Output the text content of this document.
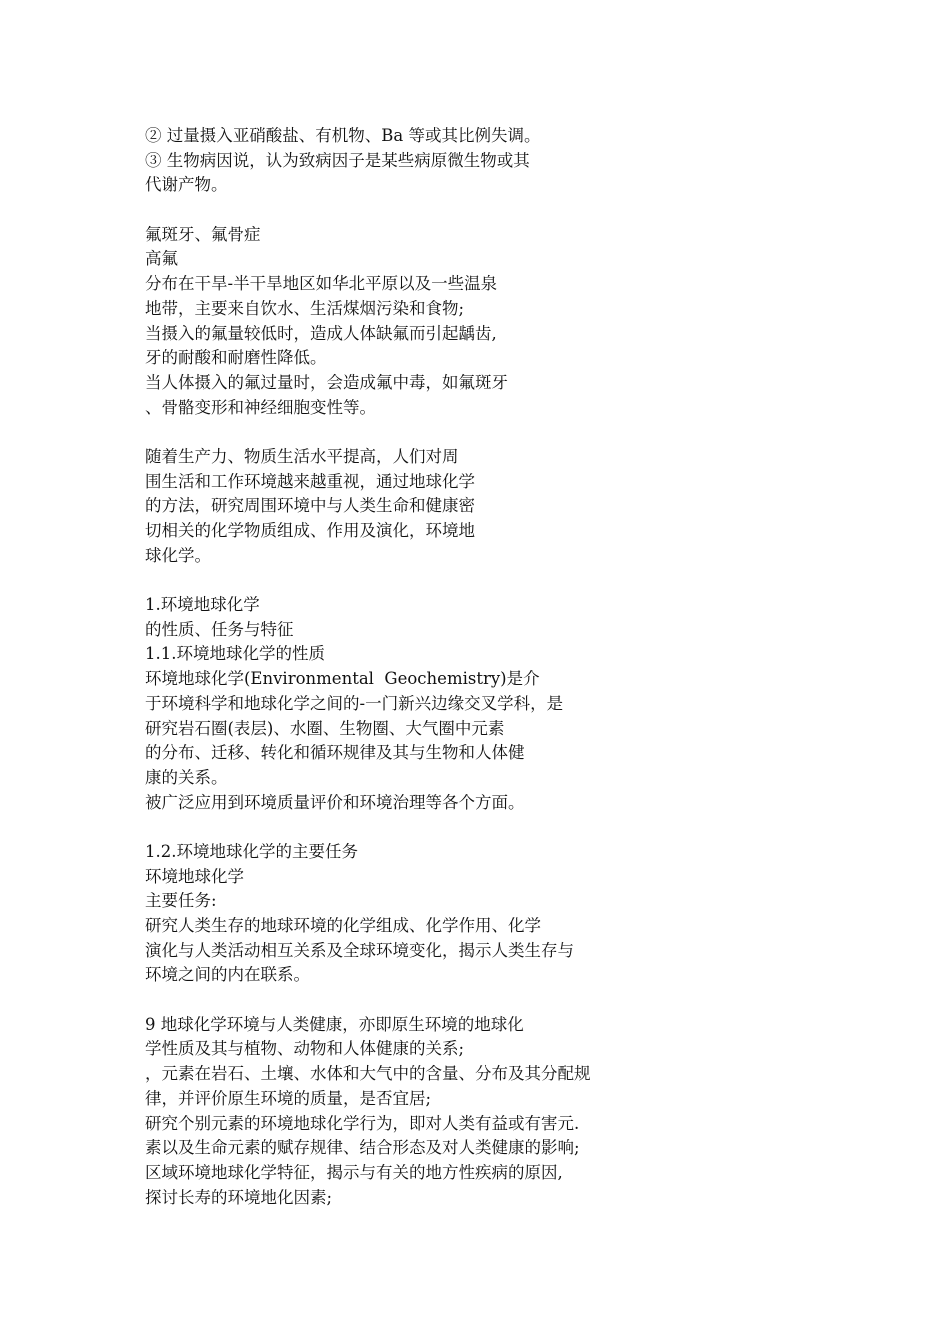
② 过量摄入亚硝酸盐、有机物、Ba 等或其比例失调。
③ 生物病因说，认为致病因子是某些病原微生物或其
代谢产物。
氟斑牙、氟骨症
高氟
分布在干旱-半干旱地区如华北平原以及一些温泉
地带，主要来自饮水、生活煤烟污染和食物;
当摄入的氟量较低时，造成人体缺氟而引起龋齿,
牙的耐酸和耐磨性降低。
当人体摄入的氟过量时，会造成氟中毒，如氟斑牙
、骨骼变形和神经细胞变性等。
随着生产力、物质生活水平提高，人们对周
围生活和工作环境越来越重视，通过地球化学
的方法，研究周围环境中与人类生命和健康密
切相关的化学物质组成、作用及演化，环境地
球化学。
1.环境地球化学
的性质、任务与特征
1.1.环境地球化学的性质
环境地球化学(Environmental  Geochemistry)是介
于环境科学和地球化学之间的-一门新兴边缘交叉学科，是
研究岩石圈(表层)、水圈、生物圈、大气圈中元素
的分布、迁移、转化和循环规律及其与生物和人体健
康的关系。
被广泛应用到环境质量评价和环境治理等各个方面。
1.2.环境地球化学的主要任务
环境地球化学
主要任务:
研究人类生存的地球环境的化学组成、化学作用、化学
演化与人类活动相互关系及全球环境变化，揭示人类生存与
环境之间的内在联系。
9 地球化学环境与人类健康，亦即原生环境的地球化
学性质及其与植物、动物和人体健康的关系;
，元素在岩石、土壤、水体和大气中的含量、分布及其分配规
律，并评价原生环境的质量，是否宜居;
研究个别元素的环境地球化学行为，即对人类有益或有害元.
素以及生命元素的赋存规律、结合形态及对人类健康的影响;
区域环境地球化学特征，揭示与有关的地方性疾病的原因,
探讨长寿的环境地化因素;
